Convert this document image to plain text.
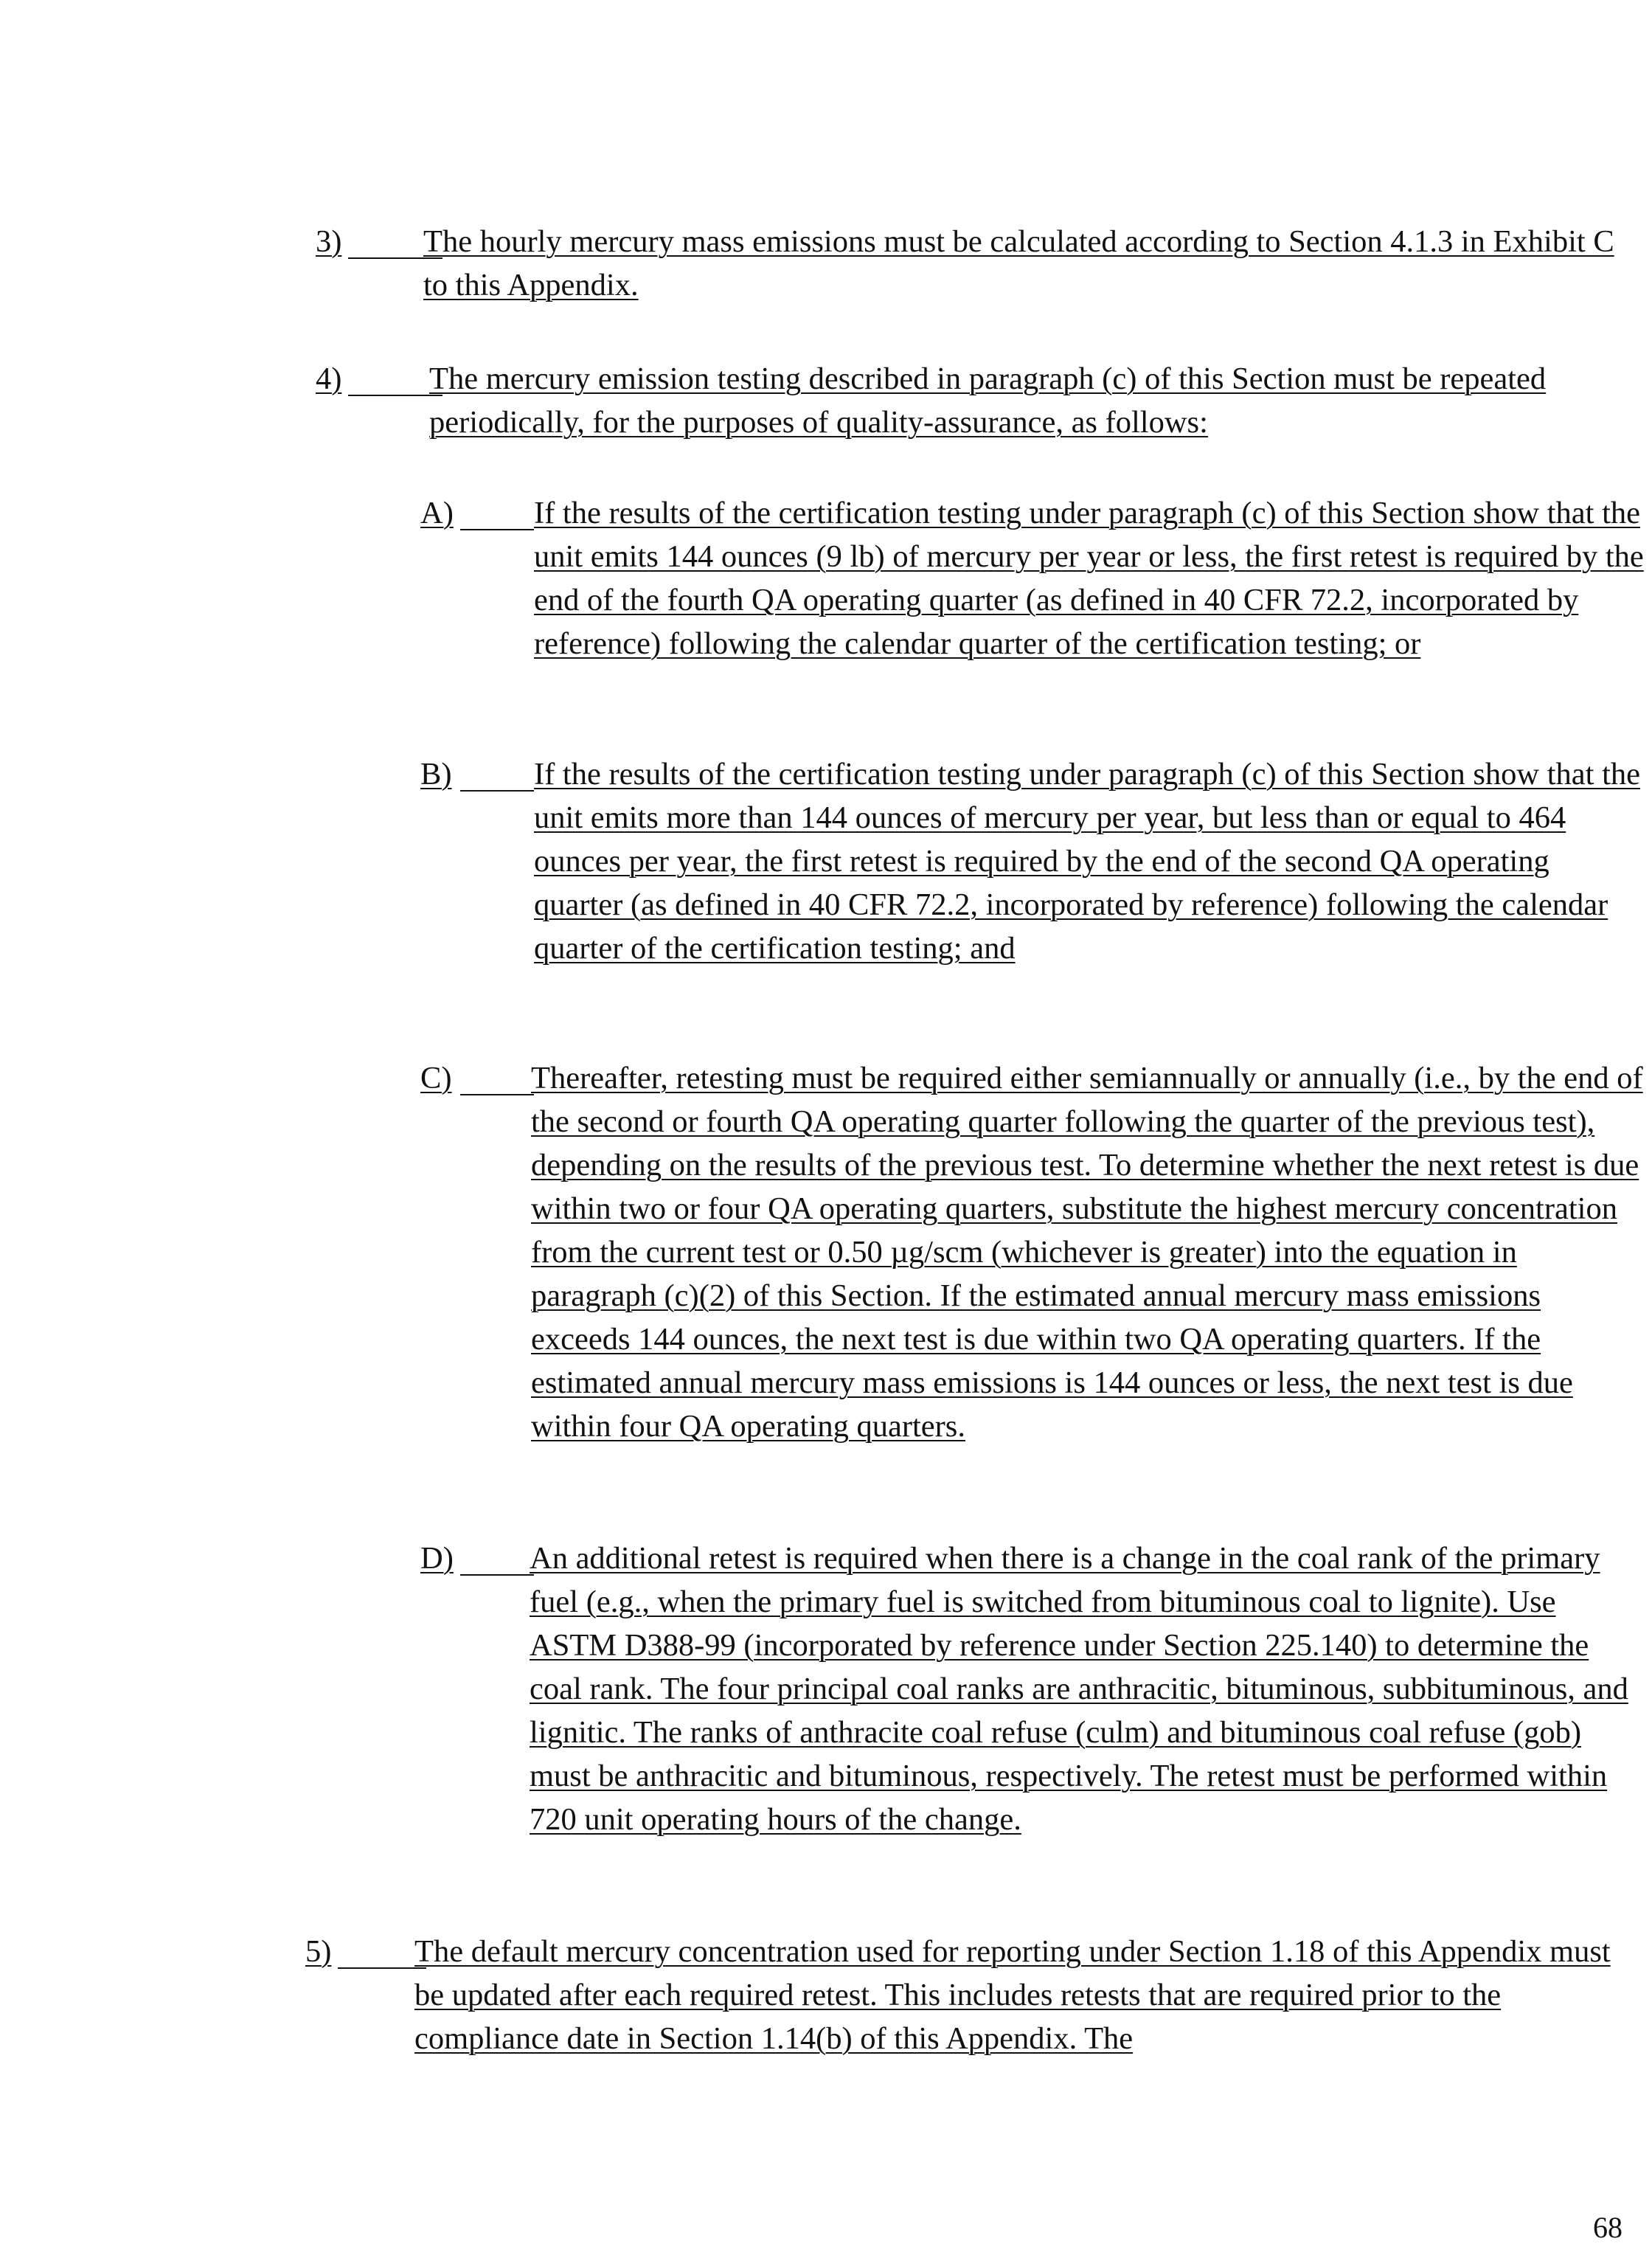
3)	The hourly mercury mass emissions must be calculated according to Section 4.1.3 in Exhibit C to this Appendix.
4)	The mercury emission testing described in paragraph (c) of this Section must be repeated periodically, for the purposes of quality-assurance, as follows:
A)	If the results of the certification testing under paragraph (c) of this Section show that the unit emits 144 ounces (9 lb) of mercury per year or less, the first retest is required by the end of the fourth QA operating quarter (as defined in 40 CFR 72.2, incorporated by reference) following the calendar quarter of the certification testing; or
B)	If the results of the certification testing under paragraph (c) of this Section show that the unit emits more than 144 ounces of mercury per year, but less than or equal to 464 ounces per year, the first retest is required by the end of the second QA operating quarter (as defined in 40 CFR 72.2, incorporated by reference) following the calendar quarter of the certification testing; and
C)	Thereafter, retesting must be required either semiannually or annually (i.e., by the end of the second or fourth QA operating quarter following the quarter of the previous test), depending on the results of the previous test. To determine whether the next retest is due within two or four QA operating quarters, substitute the highest mercury concentration from the current test or 0.50 µg/scm (whichever is greater) into the equation in paragraph (c)(2) of this Section. If the estimated annual mercury mass emissions exceeds 144 ounces, the next test is due within two QA operating quarters. If the estimated annual mercury mass emissions is 144 ounces or less, the next test is due within four QA operating quarters.
D) An additional retest is required when there is a change in the coal rank of the primary fuel (e.g., when the primary fuel is switched from bituminous coal to lignite). Use ASTM D388-99 (incorporated by reference under Section 225.140) to determine the coal rank. The four principal coal ranks are anthracitic, bituminous, subbituminous, and lignitic. The ranks of anthracite coal refuse (culm) and bituminous coal refuse (gob) must be anthracitic and bituminous, respectively. The retest must be performed within 720 unit operating hours of the change.
5)	The default mercury concentration used for reporting under Section 1.18 of this Appendix must be updated after each required retest. This includes retests that are required prior to the compliance date in Section 1.14(b) of this Appendix. The
68
